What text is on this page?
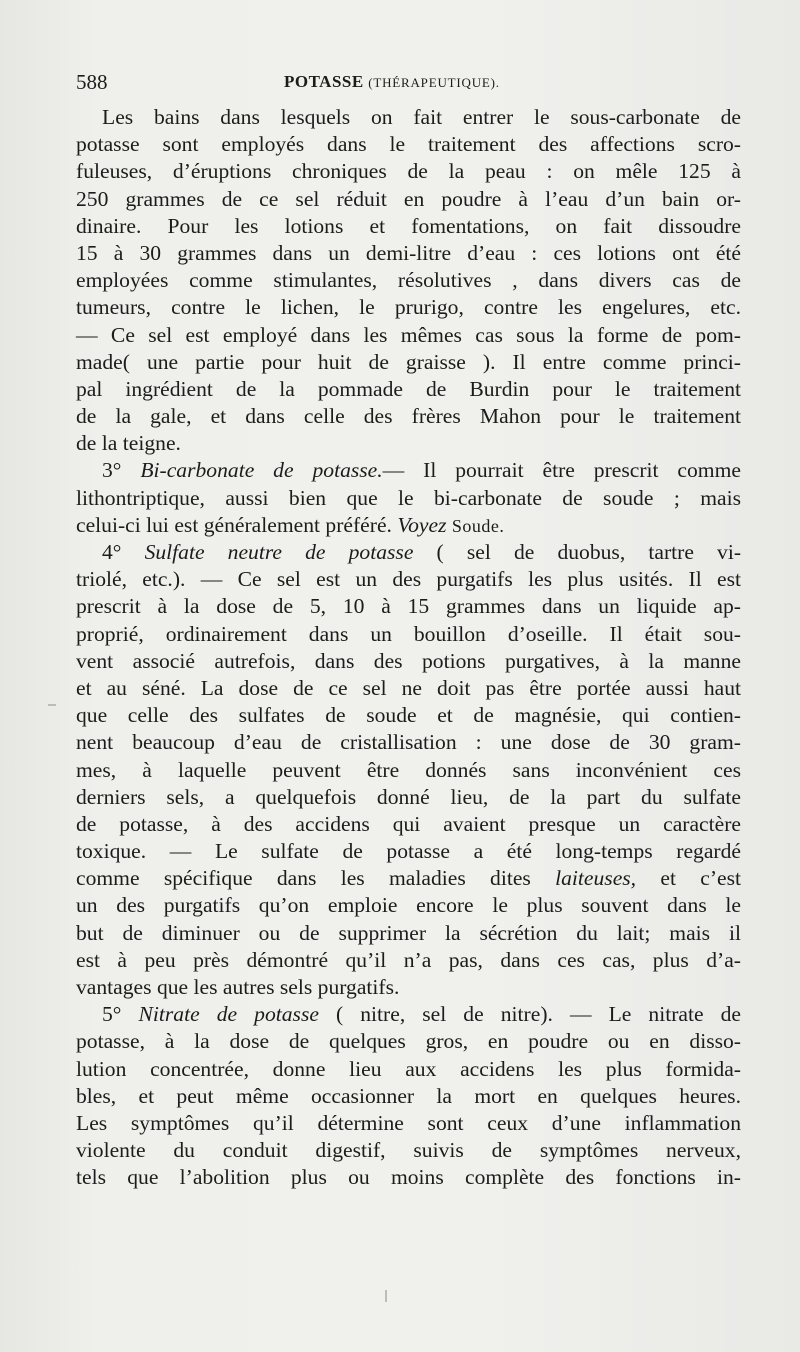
588	POTASSE (THÉRAPEUTIQUE).
Les bains dans lesquels on fait entrer le sous-carbonate de
potasse sont employés dans le traitement des affections scro-
fuleuses, d’éruptions chroniques de la peau : on mêle 125 à
250 grammes de ce sel réduit en poudre à l’eau d’un bain or-
dinaire. Pour les lotions et fomentations, on fait dissoudre
15 à 30 grammes dans un demi-litre d’eau : ces lotions ont été
employées comme stimulantes, résolutives , dans divers cas de
tumeurs, contre le lichen, le prurigo, contre les engelures, etc.
— Ce sel est employé dans les mêmes cas sous la forme de pom-
made( une partie pour huit de graisse ). Il entre comme princi-
pal ingrédient de la pommade de Burdin pour le traitement
de la gale, et dans celle des frères Mahon pour le traitement
de la teigne.
3° Bi-carbonate de potasse.— Il pourrait être prescrit comme
lithontriptique, aussi bien que le bi-carbonate de soude ; mais
celui-ci lui est généralement préféré. Voyez Soude.
4° Sulfate neutre de potasse ( sel de duobus, tartre vi-
triolé, etc.). — Ce sel est un des purgatifs les plus usités. Il est
prescrit à la dose de 5, 10 à 15 grammes dans un liquide ap-
proprié, ordinairement dans un bouillon d’oseille. Il était sou-
vent associé autrefois, dans des potions purgatives, à la manne
et au séné. La dose de ce sel ne doit pas être portée aussi haut
que celle des sulfates de soude et de magnésie, qui contien-
nent beaucoup d’eau de cristallisation : une dose de 30 gram-
mes, à laquelle peuvent être donnés sans inconvénient ces
derniers sels, a quelquefois donné lieu, de la part du sulfate
de potasse, à des accidens qui avaient presque un caractère
toxique. — Le sulfate de potasse a été long-temps regardé
comme spécifique dans les maladies dites laiteuses, et c’est
un des purgatifs qu’on emploie encore le plus souvent dans le
but de diminuer ou de supprimer la sécrétion du lait; mais il
est à peu près démontré qu’il n’a pas, dans ces cas, plus d’a-
vantages que les autres sels purgatifs.
5° Nitrate de potasse ( nitre, sel de nitre). — Le nitrate de
potasse, à la dose de quelques gros, en poudre ou en disso-
lution concentrée, donne lieu aux accidens les plus formida-
bles, et peut même occasionner la mort en quelques heures.
Les symptômes qu’il détermine sont ceux d’une inflammation
violente du conduit digestif, suivis de symptômes nerveux,
tels que l’abolition plus ou moins complète des fonctions in-
